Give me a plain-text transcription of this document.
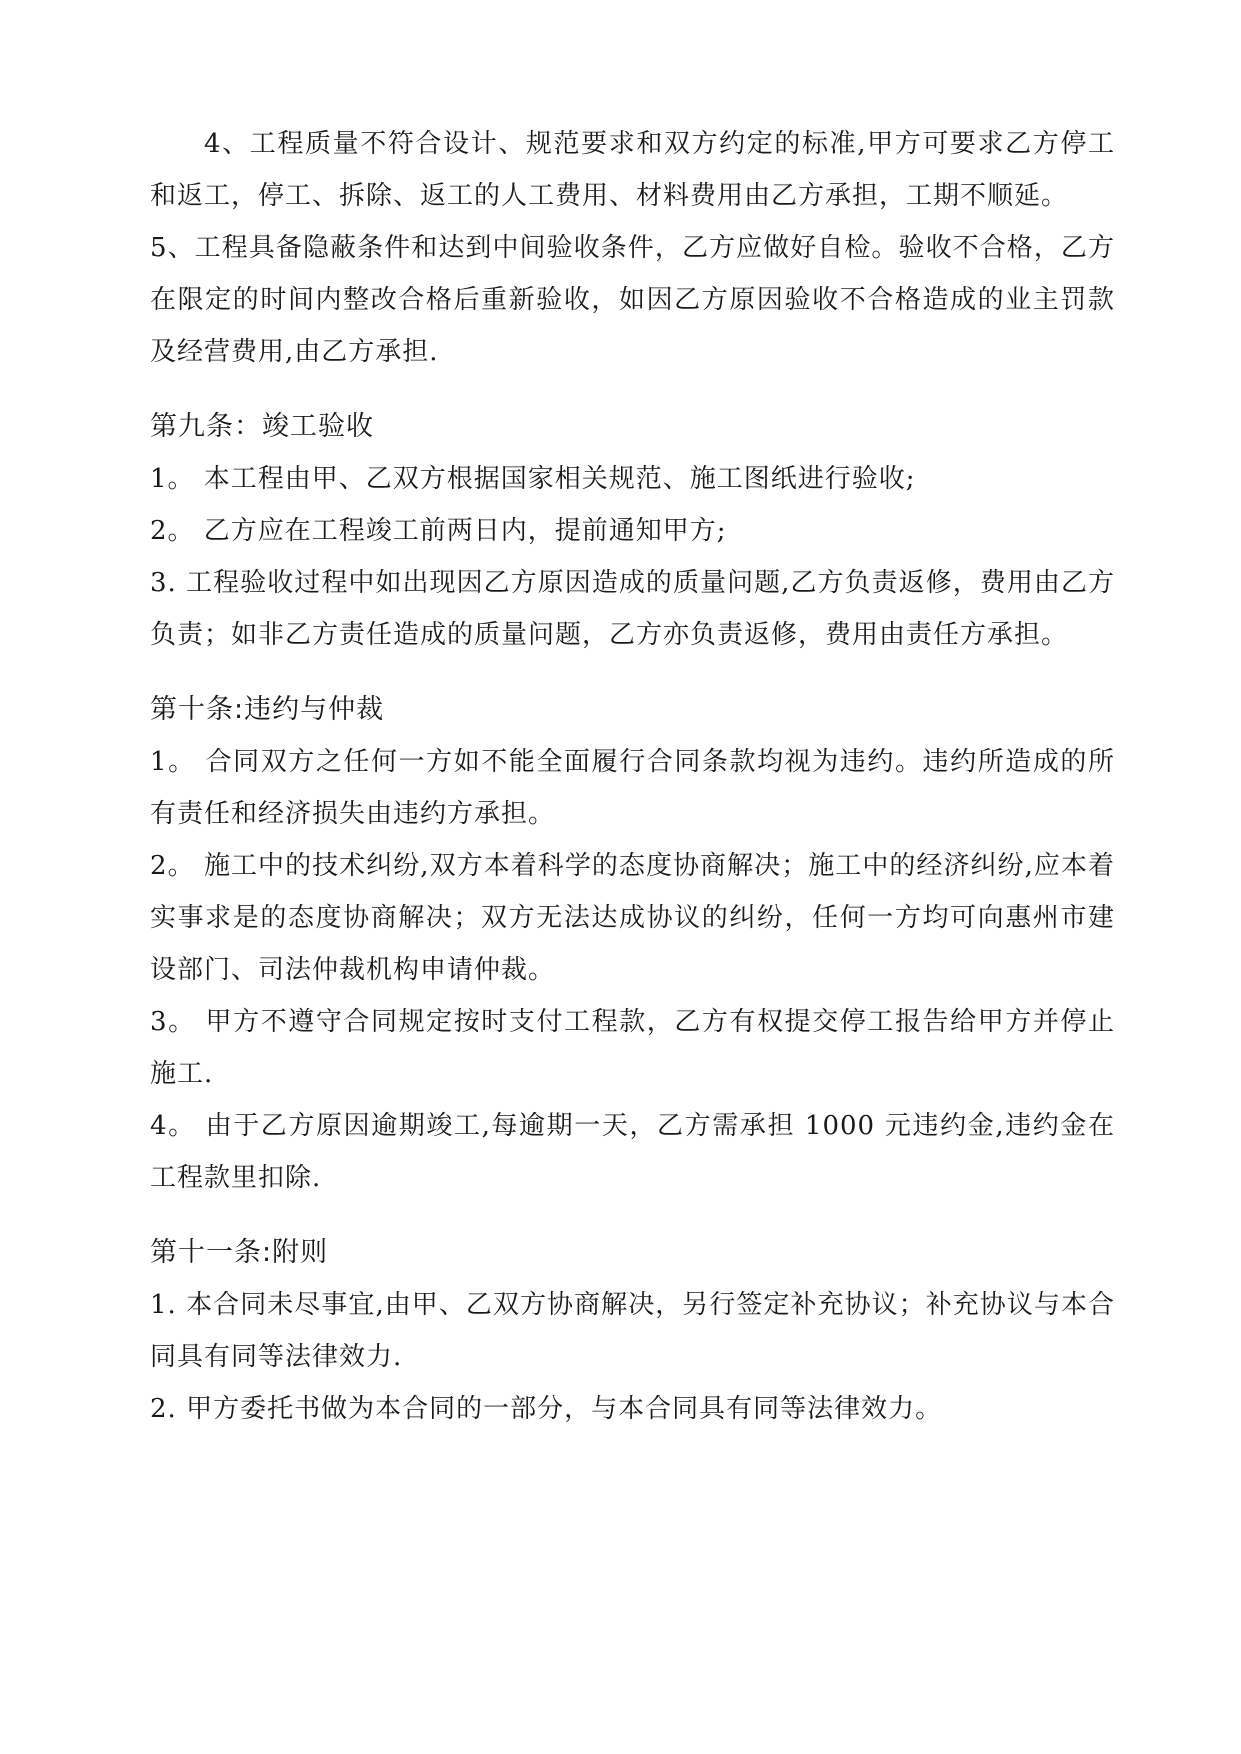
4、工程质量不符合设计、规范要求和双方约定的标准,甲方可要求乙方停工和返工，停工、拆除、返工的人工费用、材料费用由乙方承担，工期不顺延。

5、工程具备隐蔽条件和达到中间验收条件，乙方应做好自检。验收不合格，乙方在限定的时间内整改合格后重新验收，如因乙方原因验收不合格造成的业主罚款及经营费用,由乙方承担.

第九条：竣工验收

1。 本工程由甲、乙双方根据国家相关规范、施工图纸进行验收;

2。 乙方应在工程竣工前两日内，提前通知甲方;

3. 工程验收过程中如出现因乙方原因造成的质量问题,乙方负责返修，费用由乙方负责；如非乙方责任造成的质量问题，乙方亦负责返修，费用由责任方承担。

第十条:违约与仲裁

1。 合同双方之任何一方如不能全面履行合同条款均视为违约。违约所造成的所有责任和经济损失由违约方承担。

2。 施工中的技术纠纷,双方本着科学的态度协商解决；施工中的经济纠纷,应本着实事求是的态度协商解决；双方无法达成协议的纠纷，任何一方均可向惠州市建设部门、司法仲裁机构申请仲裁。

3。 甲方不遵守合同规定按时支付工程款，乙方有权提交停工报告给甲方并停止施工.

4。 由于乙方原因逾期竣工,每逾期一天，乙方需承担 1000 元违约金,违约金在工程款里扣除.

第十一条:附则

1. 本合同未尽事宜,由甲、乙双方协商解决，另行签定补充协议；补充协议与本合同具有同等法律效力.

2. 甲方委托书做为本合同的一部分，与本合同具有同等法律效力。
